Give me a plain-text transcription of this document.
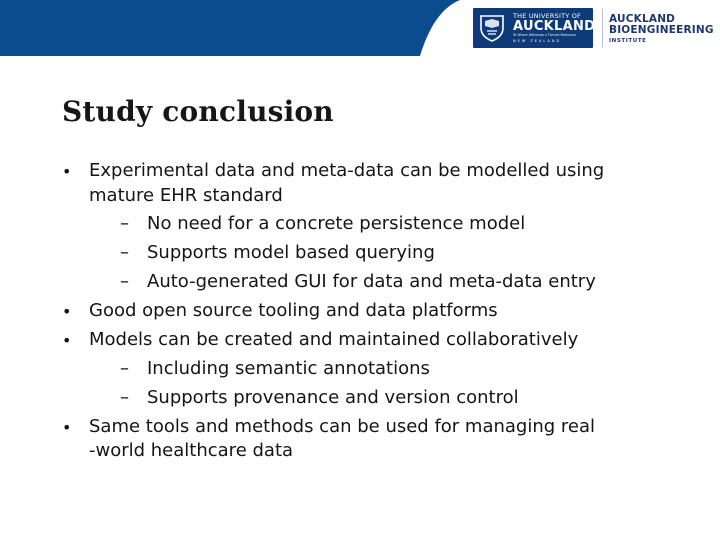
THE UNIVERSITY OF
AUCKLAND
Te Whare Wānanga o Tāmaki Makaurau
NEW ZEALAND
AUCKLAND
BIOENGINEERING
INSTITUTE
Study conclusion
• Experimental data and meta-data can be modelled using
mature EHR standard
– No need for a concrete persistence model
– Supports model based querying
– Auto-generated GUI for data and meta-data entry
• Good open source tooling and data platforms
• Models can be created and maintained collaboratively
– Including semantic annotations
– Supports provenance and version control
• Same tools and methods can be used for managing real
-world healthcare data
